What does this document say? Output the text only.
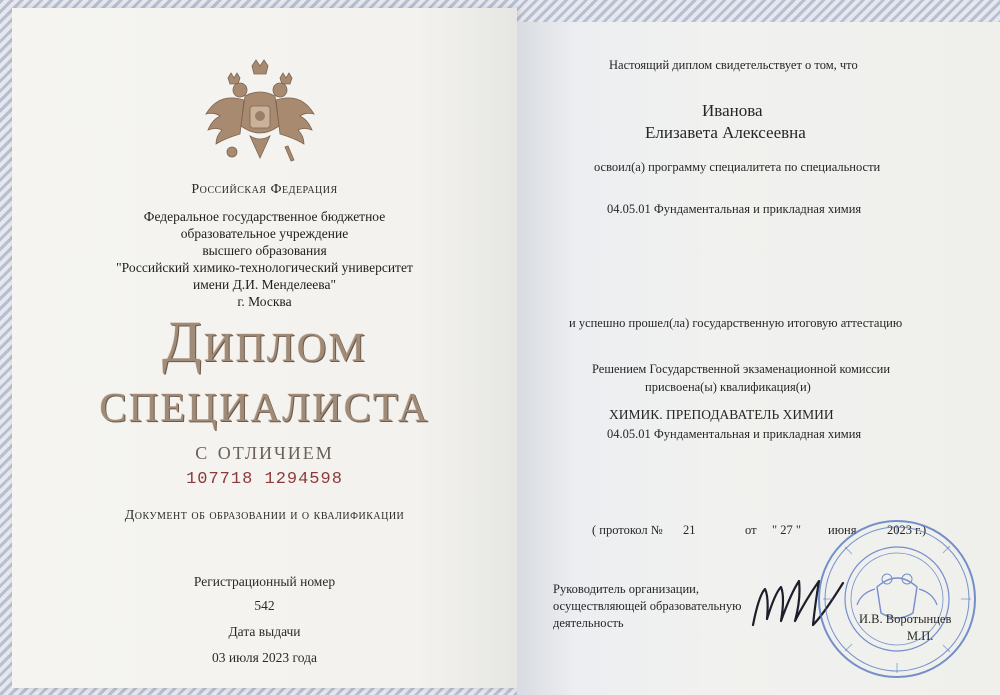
Российская Федерация
Федеральное государственное бюджетное
образовательное учреждение
высшего образования
"Российский химико-технологический университет
имени Д.И. Менделеева"
г. Москва
Диплом
специалиста
с отличием
107718 1294598
Документ об образовании и о квалификации
Регистрационный номер
542
Дата выдачи
03 июля 2023 года
Настоящий диплом свидетельствует о том, что
Иванова
Елизавета Алексеевна
освоил(а) программу специалитета по специальности
04.05.01 Фундаментальная и прикладная химия
и успешно прошел(ла) государственную итоговую аттестацию
Решением Государственной экзаменационной комиссии
присвоена(ы) квалификация(и)
ХИМИК. ПРЕПОДАВАТЕЛЬ ХИМИИ
04.05.01 Фундаментальная и прикладная химия
( протокол № 21	от " 27 " июня 2023 г.)
Руководитель организации,
осуществляющей образовательную
деятельность	И.В. Воротынцев
М.П.
